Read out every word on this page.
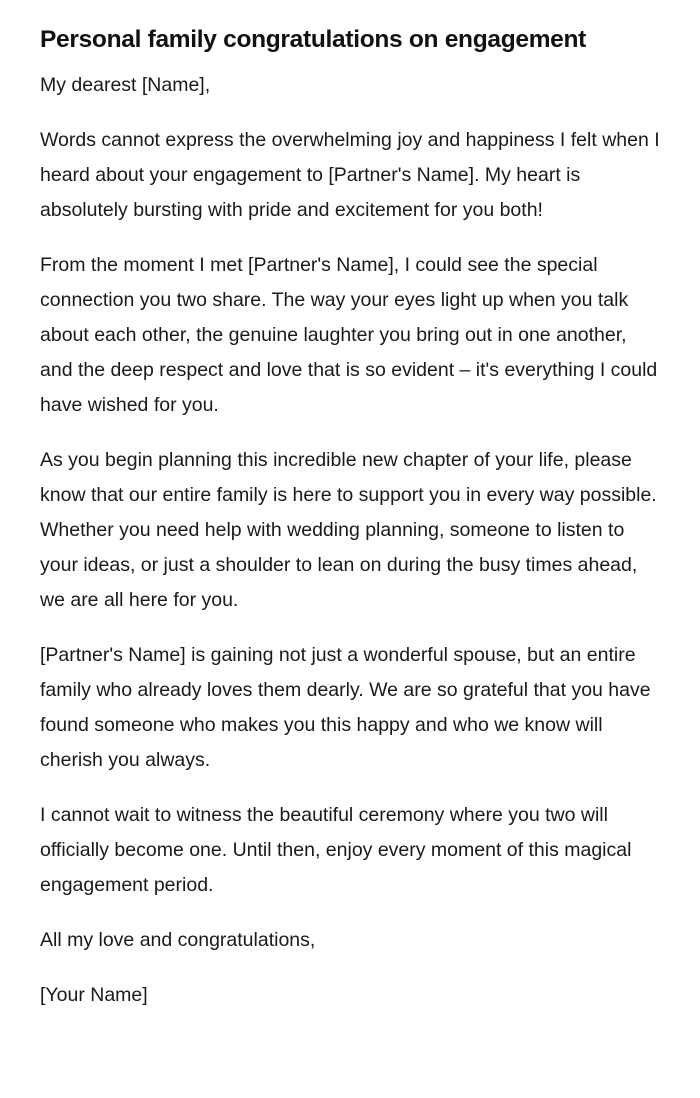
Personal family congratulations on engagement

My dearest [Name],

Words cannot express the overwhelming joy and happiness I felt when I heard about your engagement to [Partner's Name]. My heart is absolutely bursting with pride and excitement for you both!

From the moment I met [Partner's Name], I could see the special connection you two share. The way your eyes light up when you talk about each other, the genuine laughter you bring out in one another, and the deep respect and love that is so evident – it's everything I could have wished for you.

As you begin planning this incredible new chapter of your life, please know that our entire family is here to support you in every way possible. Whether you need help with wedding planning, someone to listen to your ideas, or just a shoulder to lean on during the busy times ahead, we are all here for you.

[Partner's Name] is gaining not just a wonderful spouse, but an entire family who already loves them dearly. We are so grateful that you have found someone who makes you this happy and who we know will cherish you always.

I cannot wait to witness the beautiful ceremony where you two will officially become one. Until then, enjoy every moment of this magical engagement period.

All my love and congratulations,

[Your Name]
